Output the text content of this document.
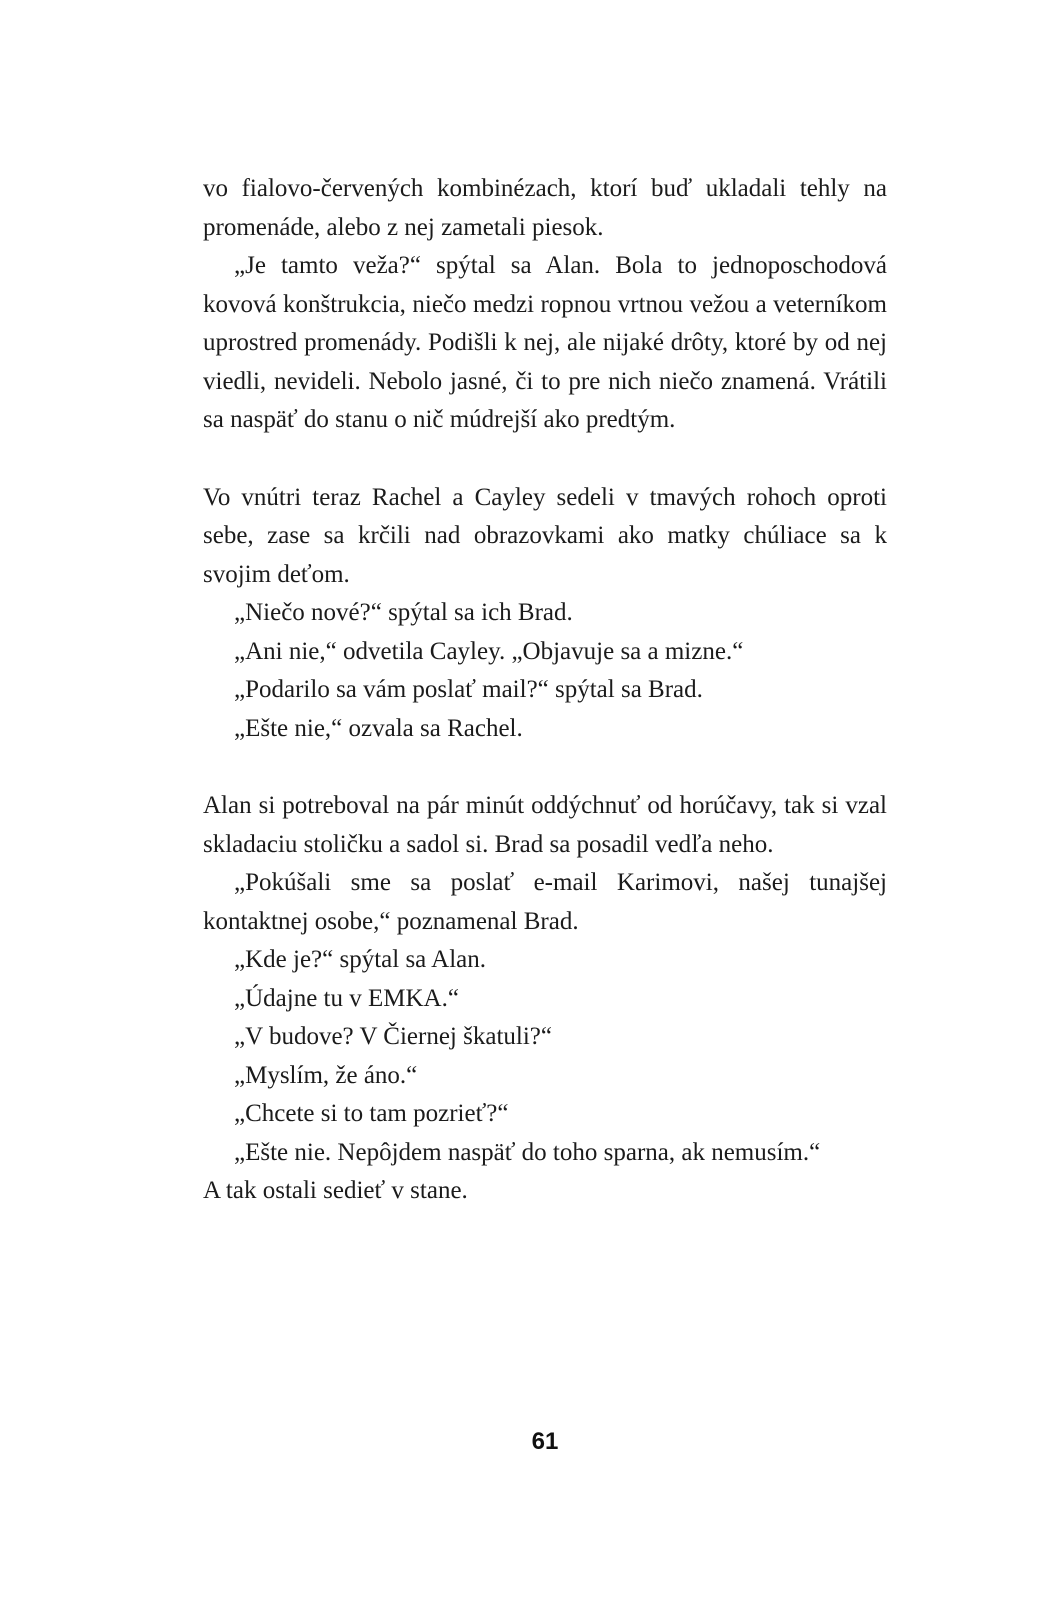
vo fialovo-červených kombinézach, ktorí buď ukladali tehly na promenáde, alebo z nej zametali piesok.

„Je tamto veža?“ spýtal sa Alan. Bola to jednoposchodová kovová konštrukcia, niečo medzi ropnou vrtnou vežou a veterníkom uprostred promenády. Podišli k nej, ale nijaké drôty, ktoré by od nej viedli, nevideli. Nebolo jasné, či to pre nich niečo znamená. Vrátili sa naspäť do stanu o nič múdrejší ako predtým.

Vo vnútri teraz Rachel a Cayley sedeli v tmavých rohoch oproti sebe, zase sa krčili nad obrazovkami ako matky chúliace sa k svojim deťom.

„Niečo nové?“ spýtal sa ich Brad.

„Ani nie,“ odvetila Cayley. „Objavuje sa a mizne.“

„Podarilo sa vám poslať mail?“ spýtal sa Brad.

„Ešte nie,“ ozvala sa Rachel.

Alan si potreboval na pár minút oddýchnuť od horúčavy, tak si vzal skladaciu stoličku a sadol si. Brad sa posadil vedľa neho.

„Pokúšali sme sa poslať e-mail Karimovi, našej tunajšej kontaktnej osobe,“ poznamenal Brad.

„Kde je?“ spýtal sa Alan.

„Údajne tu v EMKA.“

„V budove? V Čiernej škatuli?“

„Myslím, že áno.“

„Chcete si to tam pozrieť?“

„Ešte nie. Nepôjdem naspäť do toho sparna, ak nemusím.“

A tak ostali sedieť v stane.

61
